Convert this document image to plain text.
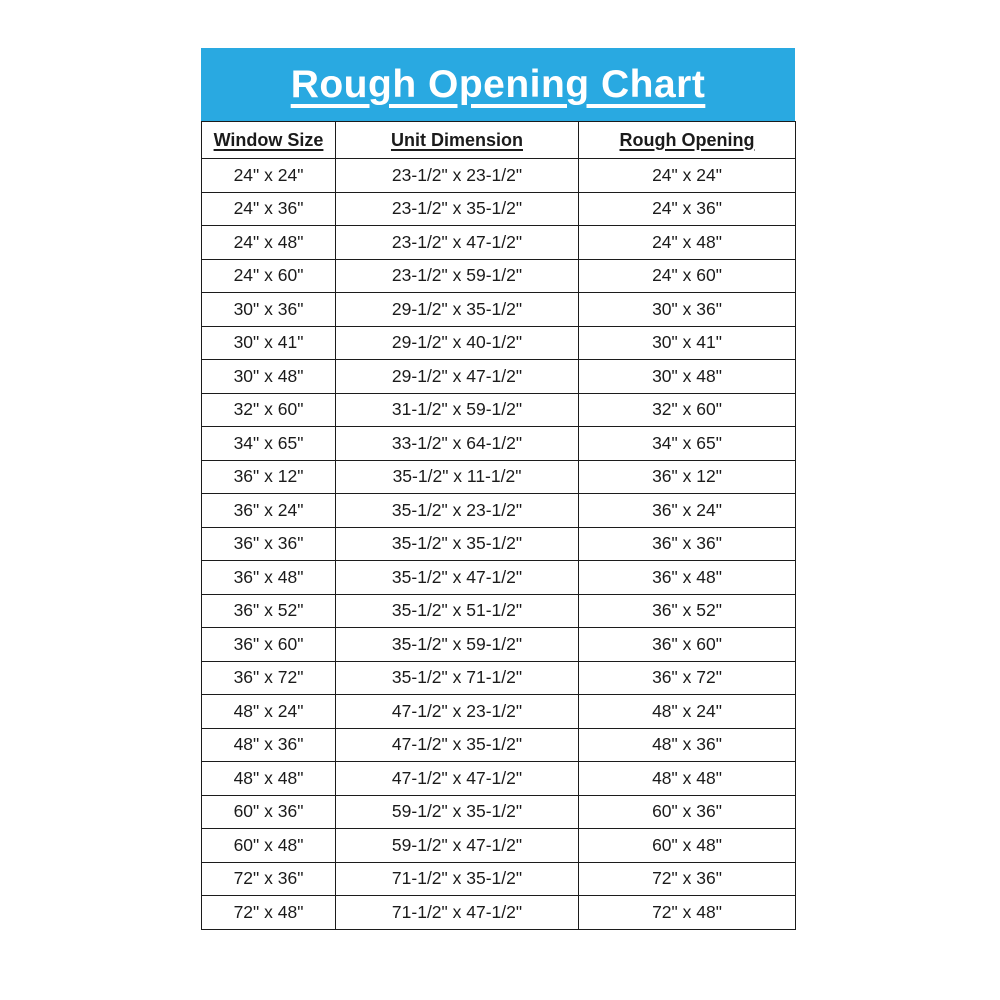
Rough Opening Chart
Window Size	Unit Dimension	Rough Opening
24" x 24"	23-1/2" x 23-1/2"	24" x 24"
24" x 36"	23-1/2" x 35-1/2"	24" x 36"
24" x 48"	23-1/2" x 47-1/2"	24" x 48"
24" x 60"	23-1/2" x 59-1/2"	24" x 60"
30" x 36"	29-1/2" x 35-1/2"	30" x 36"
30" x 41"	29-1/2" x 40-1/2"	30" x 41"
30" x 48"	29-1/2" x 47-1/2"	30" x 48"
32" x 60"	31-1/2" x 59-1/2"	32" x 60"
34" x 65"	33-1/2" x 64-1/2"	34" x 65"
36" x 12"	35-1/2" x 11-1/2"	36" x 12"
36" x 24"	35-1/2" x 23-1/2"	36" x 24"
36" x 36"	35-1/2" x 35-1/2"	36" x 36"
36" x 48"	35-1/2" x 47-1/2"	36" x 48"
36" x 52"	35-1/2" x 51-1/2"	36" x 52"
36" x 60"	35-1/2" x 59-1/2"	36" x 60"
36" x 72"	35-1/2" x 71-1/2"	36" x 72"
48" x 24"	47-1/2" x 23-1/2"	48" x 24"
48" x 36"	47-1/2" x 35-1/2"	48" x 36"
48" x 48"	47-1/2" x 47-1/2"	48" x 48"
60" x 36"	59-1/2" x 35-1/2"	60" x 36"
60" x 48"	59-1/2" x 47-1/2"	60" x 48"
72" x 36"	71-1/2" x 35-1/2"	72" x 36"
72" x 48"	71-1/2" x 47-1/2"	72" x 48"
